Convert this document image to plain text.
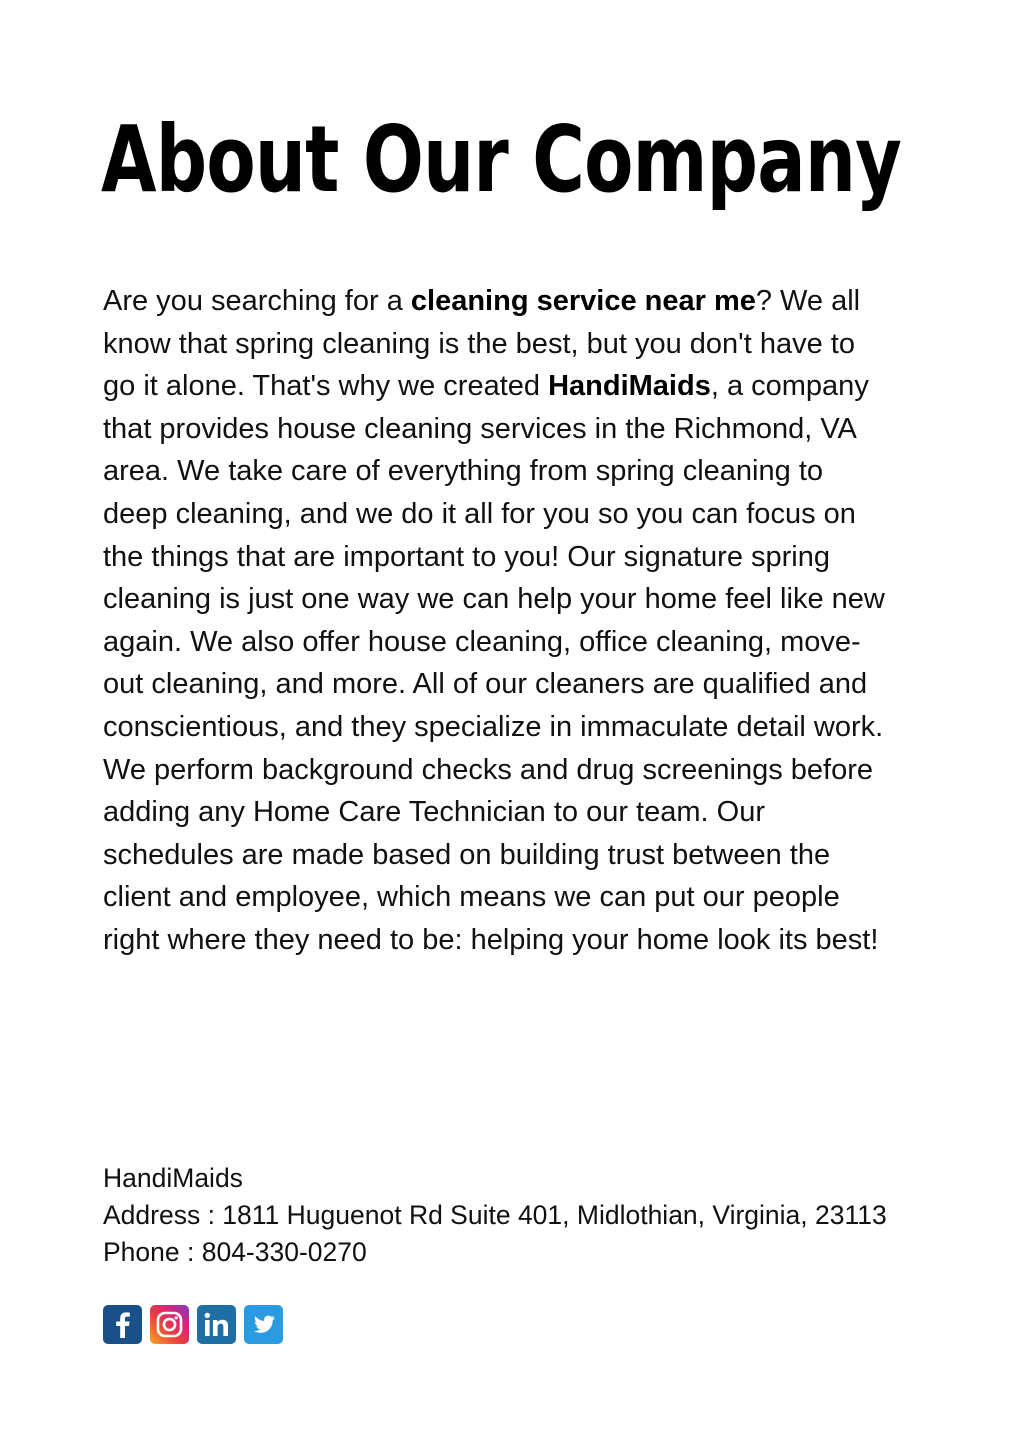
About Our Company

Are you searching for a cleaning service near me? We all know that spring cleaning is the best, but you don't have to go it alone. That's why we created HandiMaids, a company that provides house cleaning services in the Richmond, VA area. We take care of everything from spring cleaning to deep cleaning, and we do it all for you so you can focus on the things that are important to you! Our signature spring cleaning is just one way we can help your home feel like new again. We also offer house cleaning, office cleaning, move-out cleaning, and more. All of our cleaners are qualified and conscientious, and they specialize in immaculate detail work. We perform background checks and drug screenings before adding any Home Care Technician to our team. Our schedules are made based on building trust between the client and employee, which means we can put our people right where they need to be: helping your home look its best!

HandiMaids
Address : 1811 Huguenot Rd Suite 401, Midlothian, Virginia, 23113
Phone : 804-330-0270
